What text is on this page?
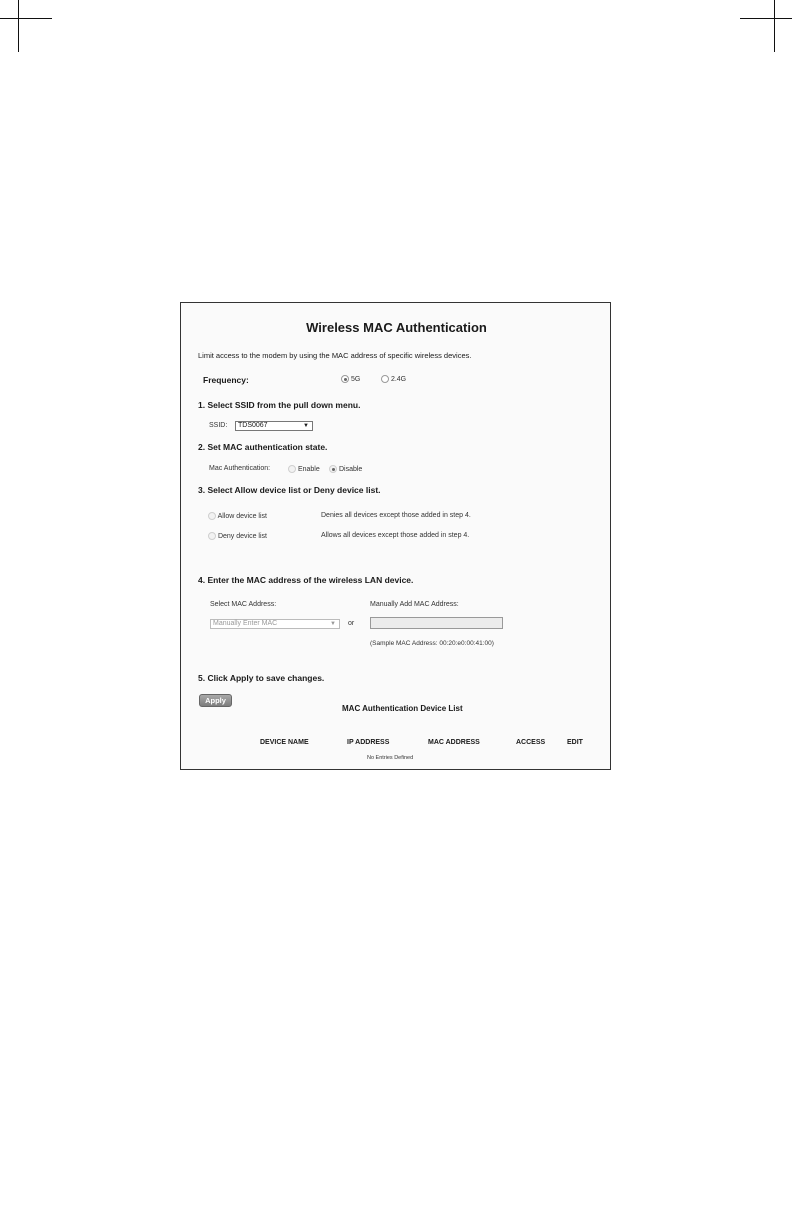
Wireless MAC Authentication
Limit access to the modem by using the MAC address of specific wireless devices.
Frequency:	5G	2.4G
1. Select SSID from the pull down menu.
SSID:	TDS0067	▼
2. Set MAC authentication state.
Mac Authentication:	Enable	Disable
3. Select Allow device list or Deny device list.
Allow device list	Denies all devices except those added in step 4.
Deny device list	Allows all devices except those added in step 4.
4. Enter the MAC address of the wireless LAN device.
Select MAC Address:	Manually Add MAC Address:
Manually Enter MAC	▼ or
(Sample MAC Address: 00:20:e0:00:41:00)
5. Click Apply to save changes.
Apply
MAC Authentication Device List
DEVICE NAME	IP ADDRESS	MAC ADDRESS	ACCESS	EDIT
No Entries Defined
